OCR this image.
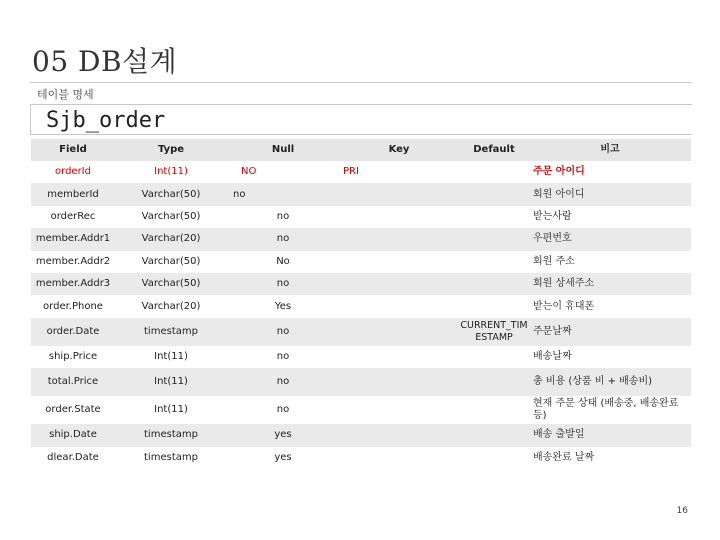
05 DB설계
테이블 명세
Sjb_order
Field	Type	Null	Key	Default	비고
orderId	Int(11)	NO	PRI		주문 아이디
memberId	Varchar(50)	no			회원 아이디
orderRec	Varchar(50)	no			받는사람
member.Addr1	Varchar(20)	no			우편번호
member.Addr2	Varchar(50)	No			회원 주소
member.Addr3	Varchar(50)	no			회원 상세주소
order.Phone	Varchar(20)	Yes			받는이 휴대폰
order.Date	timestamp	no		CURRENT_TIMESTAMP	주문날짜
ship.Price	Int(11)	no			배송날짜
total.Price	Int(11)	no			총 비용 (상품 비 + 배송비)
order.State	Int(11)	no			현재 주문 상태 (배송중, 배송완료 등)
ship.Date	timestamp	yes			배송 출발일
dlear.Date	timestamp	yes			배송완료 날짜
16
